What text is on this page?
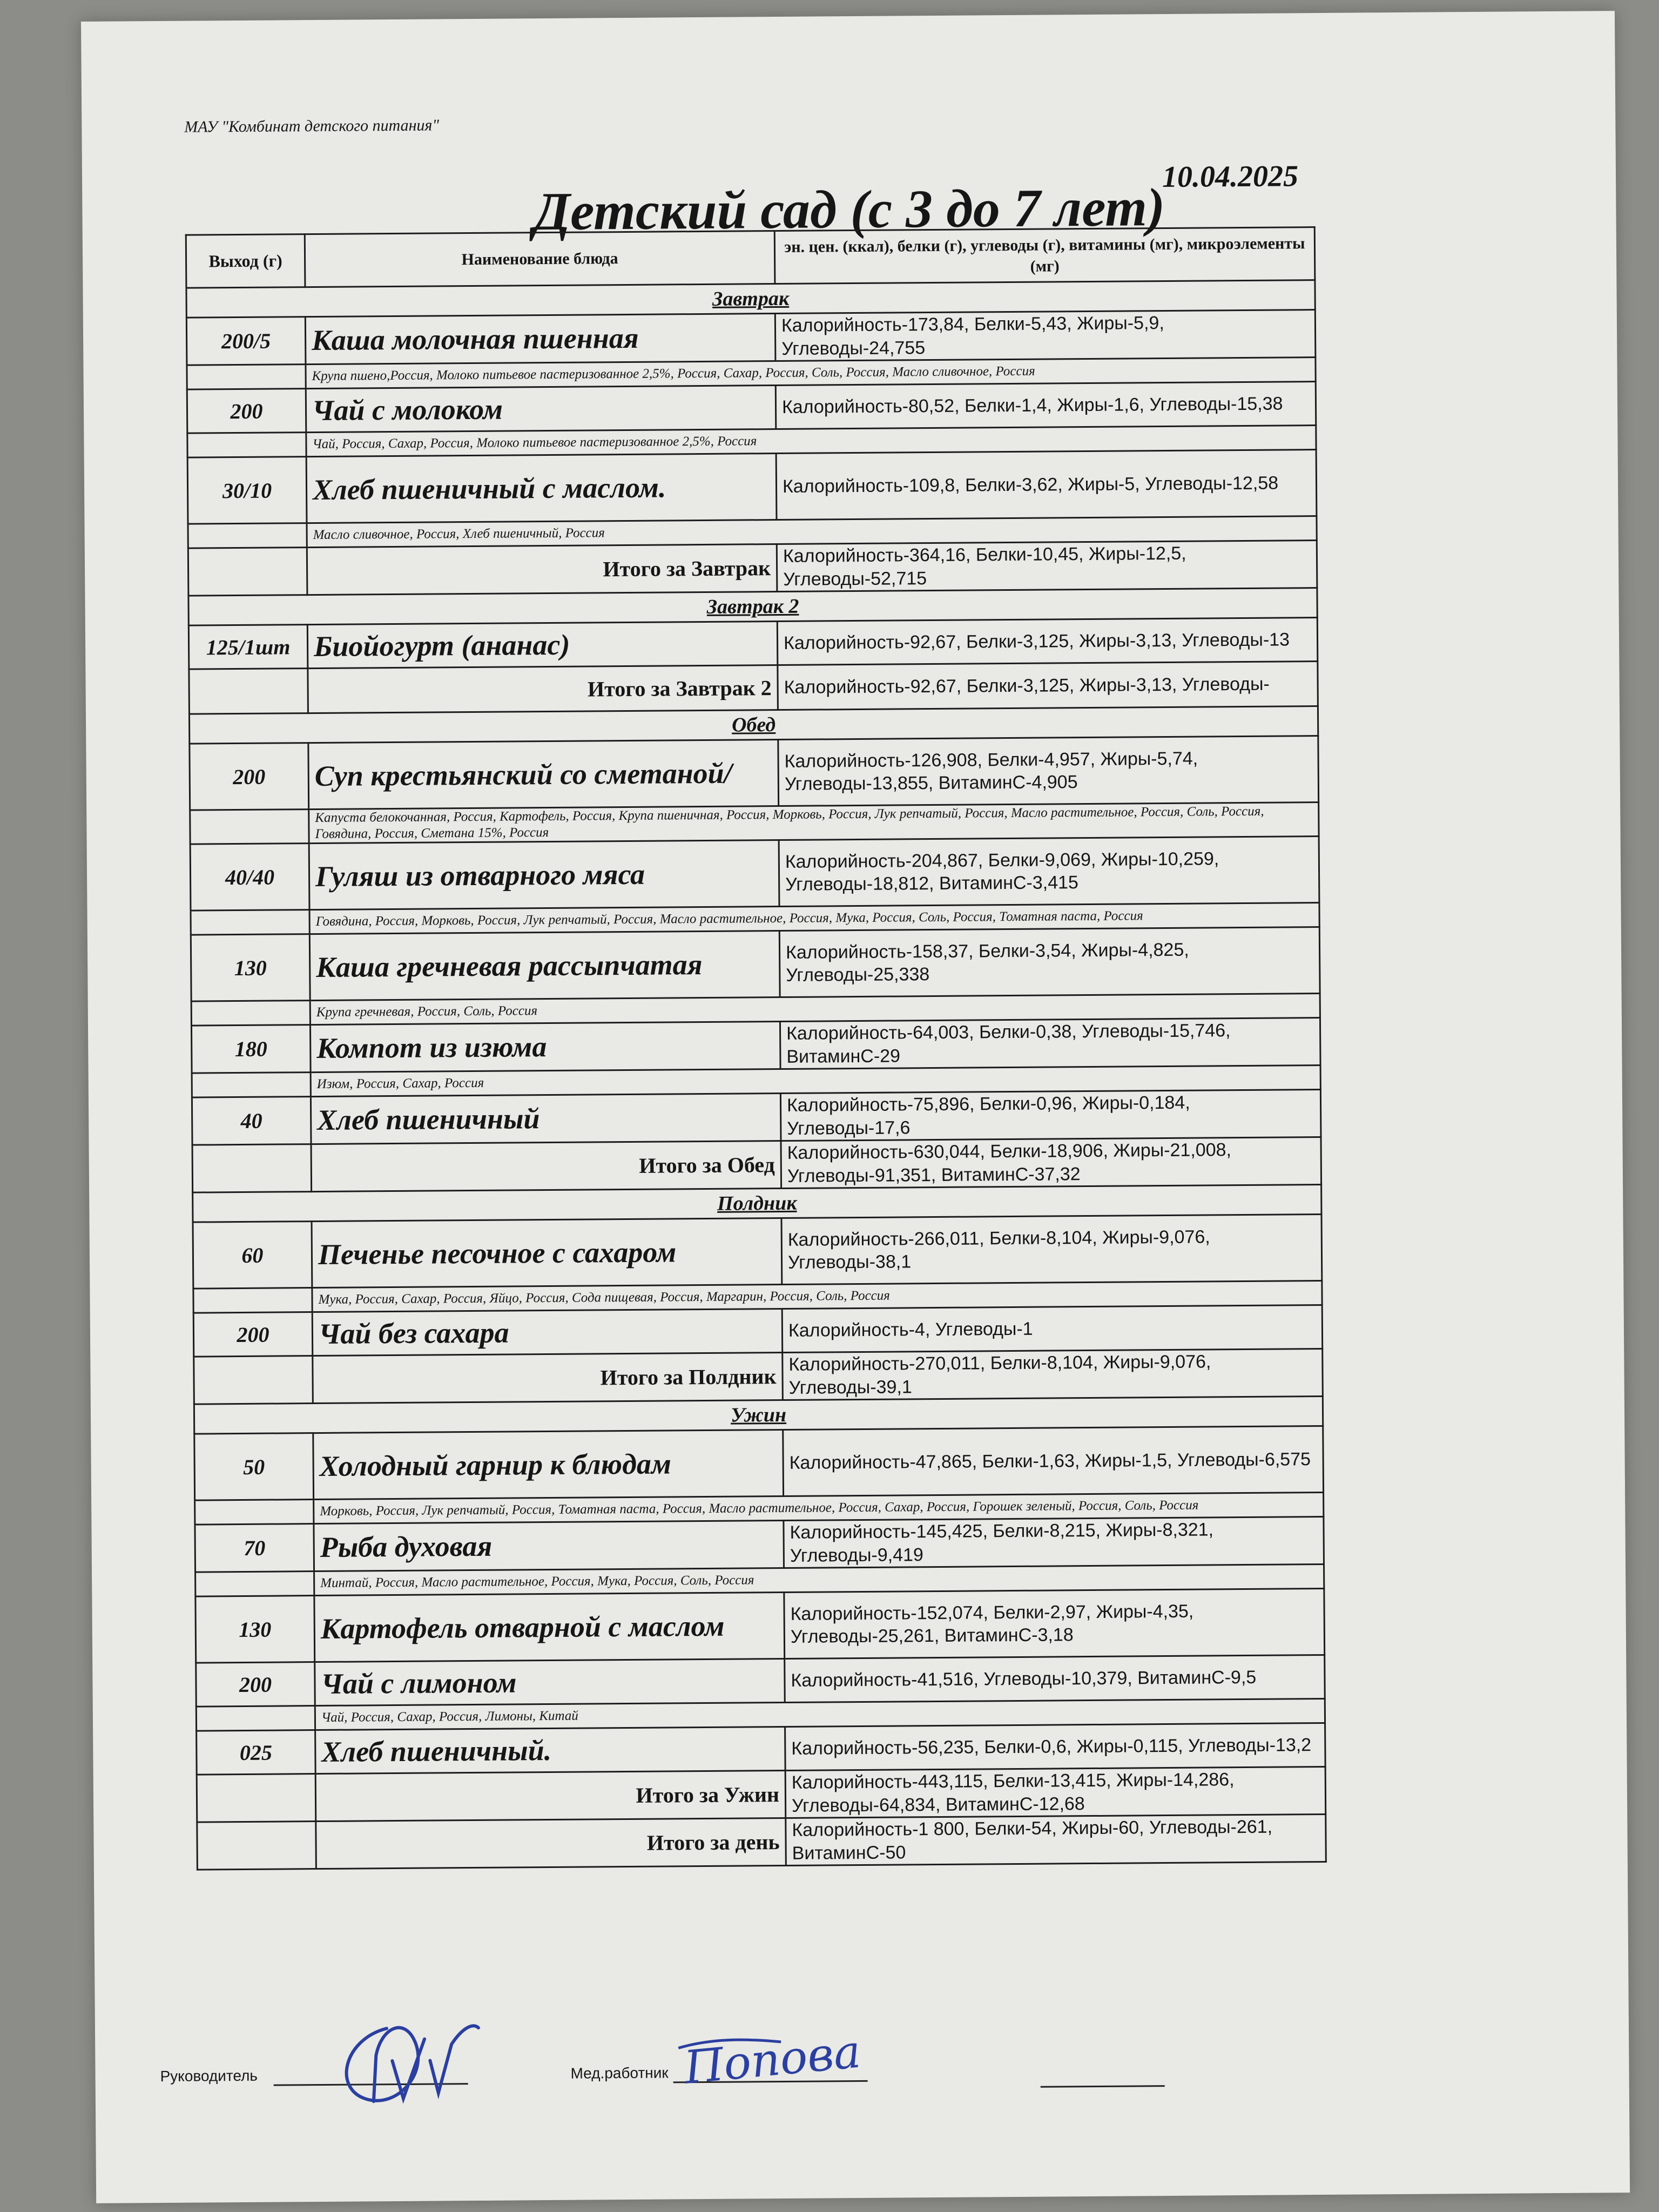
МАУ "Комбинат детского питания"
10.04.2025
Детский сад (с 3 до 7 лет)
Выход (г)	Наименование блюда	эн. цен. (ккал), белки (г), углеводы (г), витамины (мг), микроэлементы (мг)
Завтрак		
200/5	Каша молочная пшенная	Калорийность-173,84, Белки-5,43, Жиры-5,9, Углеводы-24,755
	Крупа пшено,Россия, Молоко питьевое пастеризованное 2,5%, Россия, Сахар, Россия, Соль, Россия, Масло сливочное, Россия	
200	Чай с молоком	Калорийность-80,52, Белки-1,4, Жиры-1,6, Углеводы-15,38
	Чай, Россия, Сахар, Россия, Молоко питьевое пастеризованное 2,5%, Россия	
30/10	Хлеб пшеничный с маслом.	Калорийность-109,8, Белки-3,62, Жиры-5, Углеводы-12,58
	Масло сливочное, Россия, Хлеб пшеничный, Россия	
	Итого за Завтрак	Калорийность-364,16, Белки-10,45, Жиры-12,5, Углеводы-52,715
Завтрак 2		
125/1шт	Биойогурт (ананас)	Калорийность-92,67, Белки-3,125, Жиры-3,13, Углеводы-13
	Итого за Завтрак 2	Калорийность-92,67, Белки-3,125, Жиры-3,13, Углеводы-
Обед		
200	Суп крестьянский со сметаной/	Калорийность-126,908, Белки-4,957, Жиры-5,74, Углеводы-13,855, ВитаминС-4,905
	Капуста белокочанная, Россия, Картофель, Россия, Крупа пшеничная, Россия, Морковь, Россия, Лук репчатый, Россия, Масло растительное, Россия, Соль, Россия, Говядина, Россия, Сметана 15%, Россия	
40/40	Гуляш из отварного мяса	Калорийность-204,867, Белки-9,069, Жиры-10,259, Углеводы-18,812, ВитаминС-3,415
	Говядина, Россия, Морковь, Россия, Лук репчатый, Россия, Масло растительное, Россия, Мука, Россия, Соль, Россия, Томатная паста, Россия	
130	Каша гречневая рассыпчатая	Калорийность-158,37, Белки-3,54, Жиры-4,825, Углеводы-25,338
	Крупа гречневая, Россия, Соль, Россия	
180	Компот из изюма	Калорийность-64,003, Белки-0,38, Углеводы-15,746, ВитаминС-29
	Изюм, Россия, Сахар, Россия	
40	Хлеб пшеничный	Калорийность-75,896, Белки-0,96, Жиры-0,184, Углеводы-17,6
	Итого за Обед	Калорийность-630,044, Белки-18,906, Жиры-21,008, Углеводы-91,351, ВитаминС-37,32
Полдник		
60	Печенье песочное с сахаром	Калорийность-266,011, Белки-8,104, Жиры-9,076, Углеводы-38,1
	Мука, Россия, Сахар, Россия, Яйцо, Россия, Сода пищевая, Россия, Маргарин, Россия, Соль, Россия	
200	Чай без сахара	Калорийность-4, Углеводы-1
	Итого за Полдник	Калорийность-270,011, Белки-8,104, Жиры-9,076, Углеводы-39,1
Ужин		
50	Холодный гарнир к блюдам	Калорийность-47,865, Белки-1,63, Жиры-1,5, Углеводы-6,575
	Морковь, Россия, Лук репчатый, Россия, Томатная паста, Россия, Масло растительное, Россия, Сахар, Россия, Горошек зеленый, Россия, Соль, Россия	
70	Рыба духовая	Калорийность-145,425, Белки-8,215, Жиры-8,321, Углеводы-9,419
	Минтай, Россия, Масло растительное, Россия, Мука, Россия, Соль, Россия	
130	Картофель отварной с маслом	Калорийность-152,074, Белки-2,97, Жиры-4,35, Углеводы-25,261, ВитаминС-3,18
200	Чай с лимоном	Калорийность-41,516, Углеводы-10,379, ВитаминС-9,5
	Чай, Россия, Сахар, Россия, Лимоны, Китай	
025	Хлеб пшеничный.	Калорийность-56,235, Белки-0,6, Жиры-0,115, Углеводы-13,2
	Итого за Ужин	Калорийность-443,115, Белки-13,415, Жиры-14,286, Углеводы-64,834, ВитаминС-12,68
	Итого за день	Калорийность-1 800, Белки-54, Жиры-60, Углеводы-261, ВитаминС-50
Руководитель	Мед.работник Попова
